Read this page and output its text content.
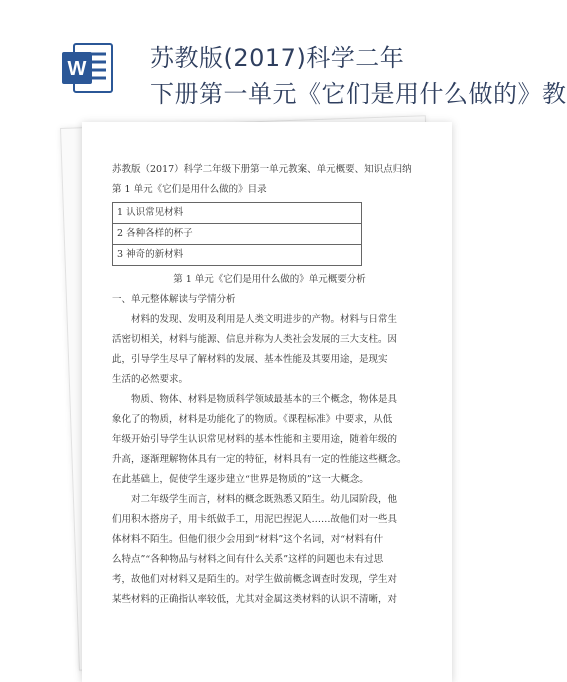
W	苏教版(2017)科学二年
下册第一单元《它们是用什么做的》教
苏教版（2017）科学二年级下册第一单元教案、单元概要、知识点归纳
第 1 单元《它们是用什么做的》目录
1 认识常见材料
2 各种各样的杯子
3 神奇的新材料
第 1 单元《它们是用什么做的》单元概要分析
一、单元整体解读与学情分析
材料的发现、发明及利用是人类文明进步的产物。材料与日常生
活密切相关，材料与能源、信息并称为人类社会发展的三大支柱。因
此，引导学生尽早了解材料的发展、基本性能及其要用途，是现实
生活的必然要求。
物质、物体、材料是物质科学领域最基本的三个概念，物体是具
象化了的物质，材料是功能化了的物质。《课程标准》中要求，从低
年级开始引导学生认识常见材料的基本性能和主要用途，随着年级的
升高，逐渐理解物体具有一定的特征，材料具有一定的性能这些概念。
在此基础上，促使学生逐步建立“世界是物质的”这一大概念。
对二年级学生而言，材料的概念既熟悉又陌生。幼儿园阶段，他
们用积木搭房子，用卡纸做手工，用泥巴捏泥人……故他们对一些具
体材料不陌生。但他们很少会用到“材料”这个名词，对“材料有什
么特点”“各种物品与材料之间有什么关系”这样的问题也未有过思
考，故他们对材料又是陌生的。对学生做前概念调查时发现，学生对
某些材料的正确指认率较低，尤其对金属这类材料的认识不清晰，对
